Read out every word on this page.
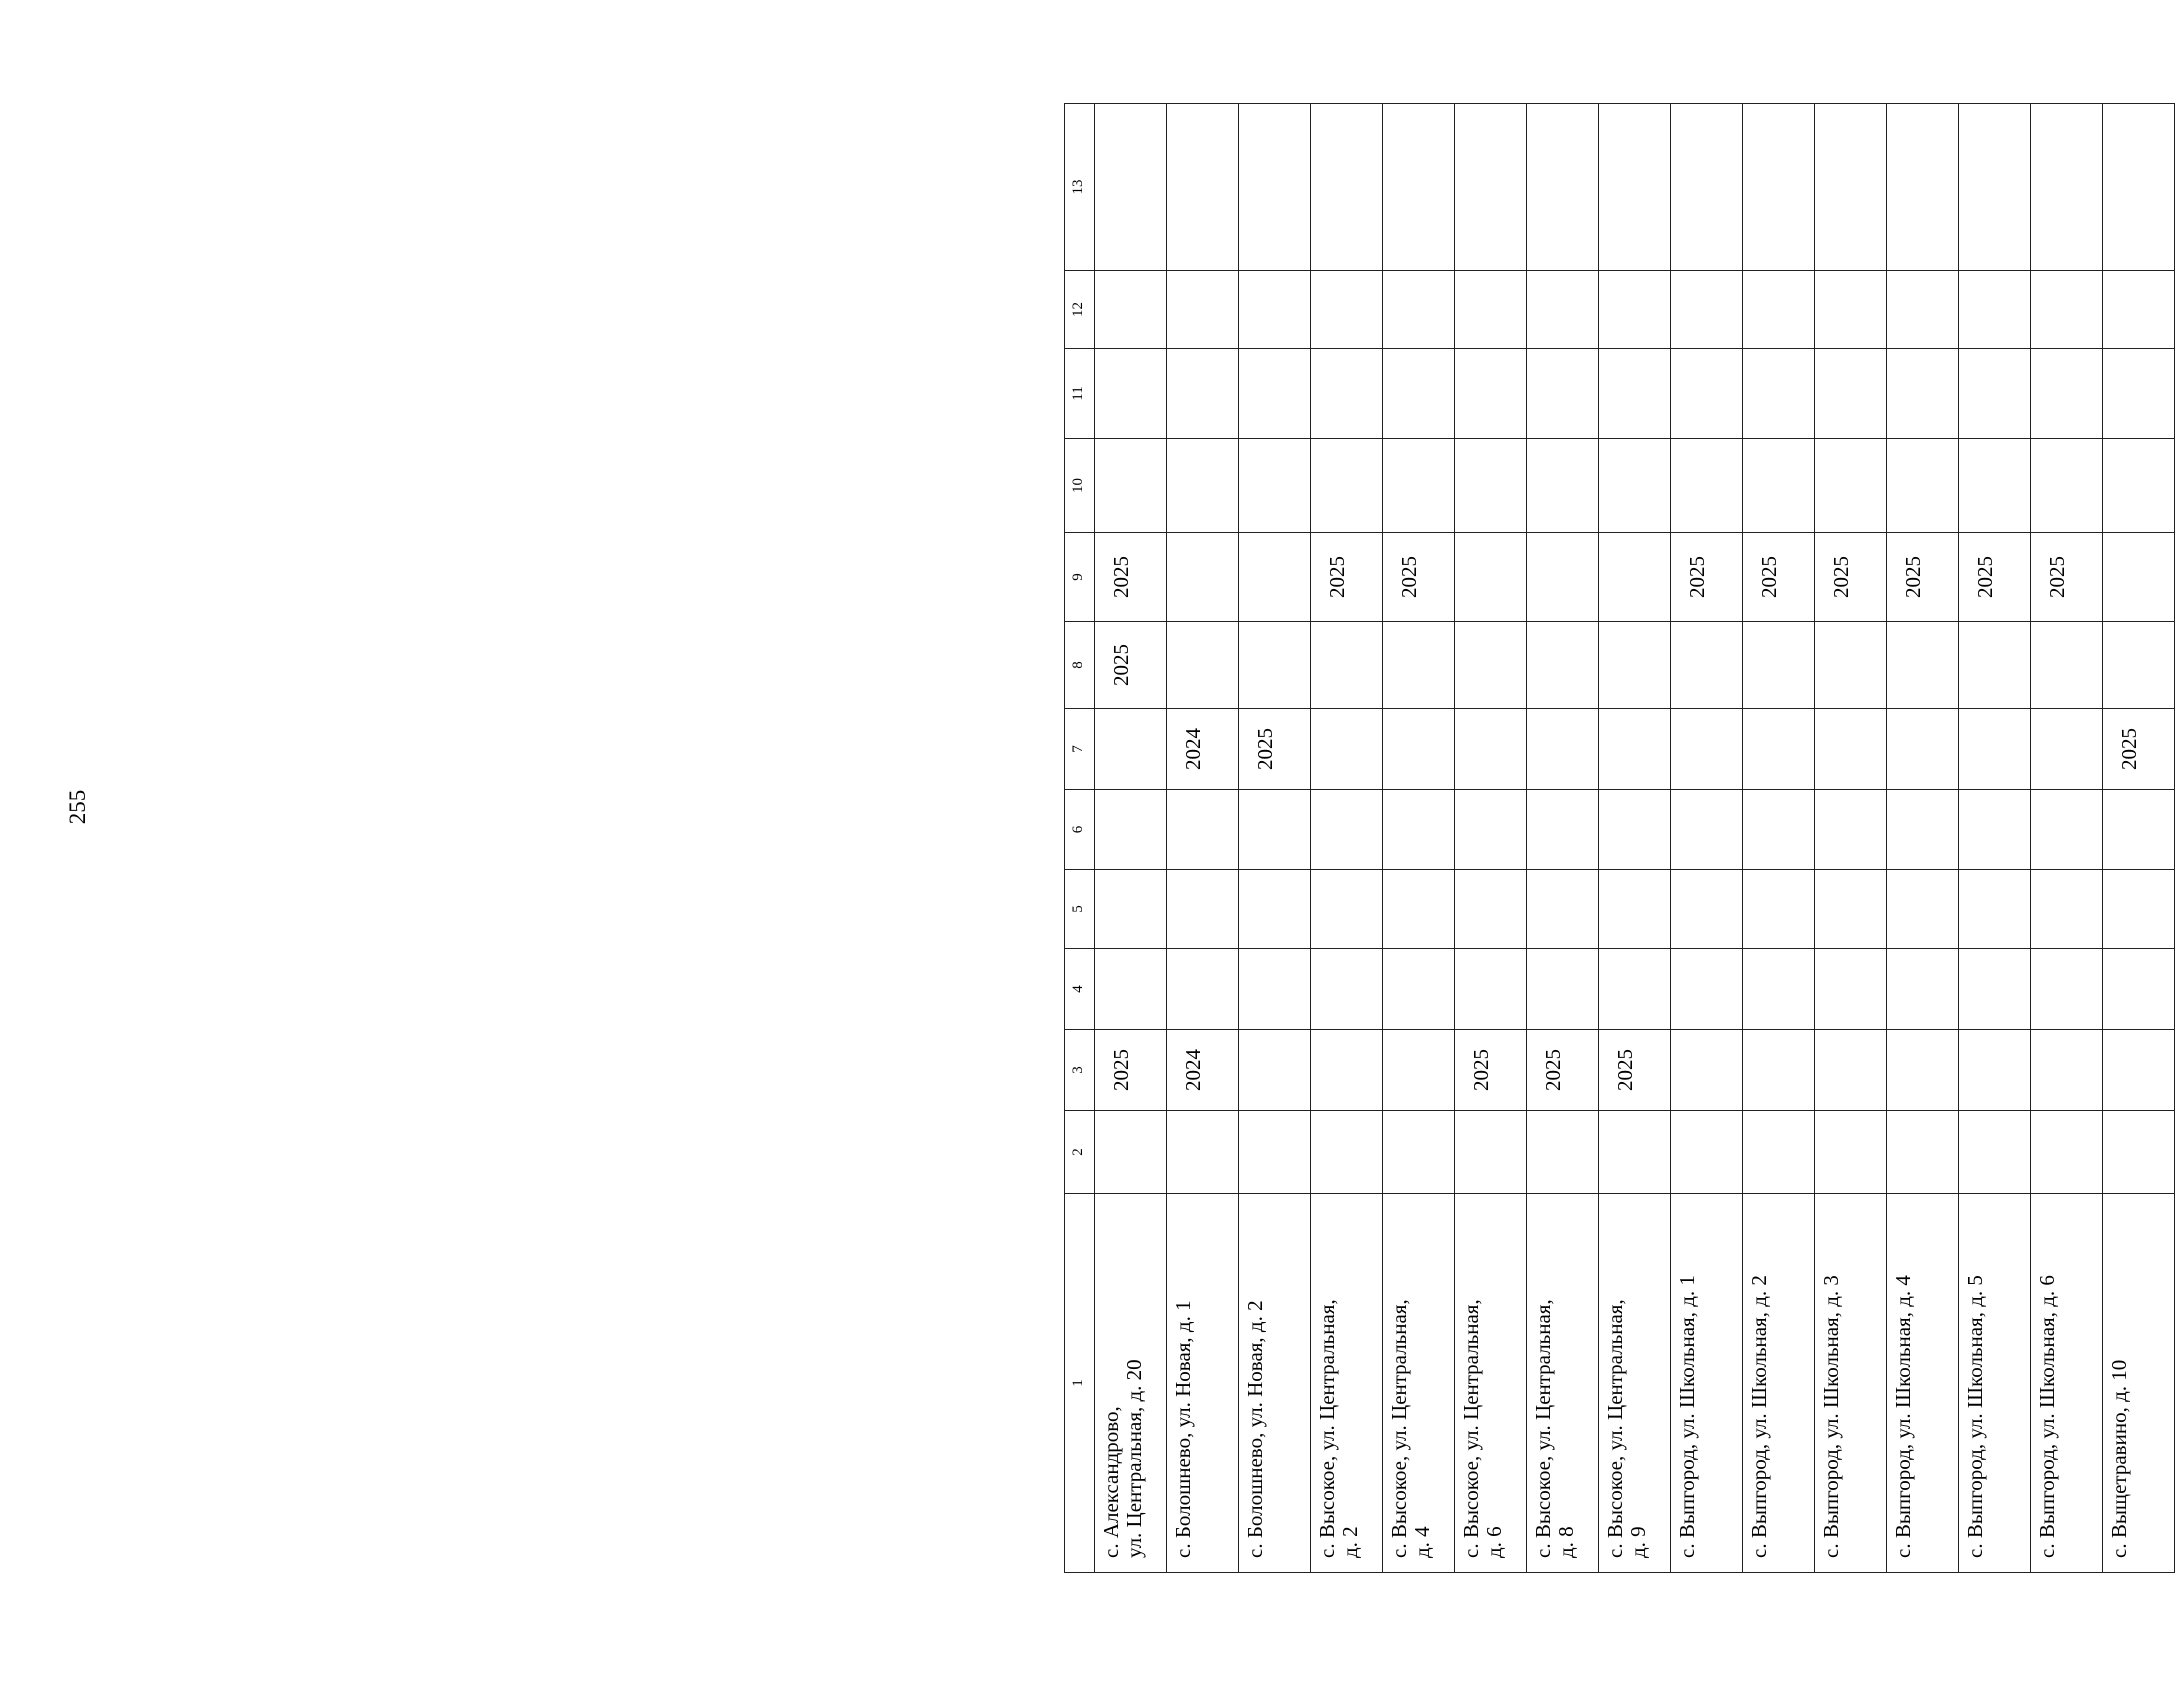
255
1	2	3	4	5	6	7	8	9	10	11	12	13
с. Александрово,
ул. Центральная, д. 20		2025					2025	2025				
с. Болошнево, ул. Новая, д. 1		2024				2024						
с. Болошнево, ул. Новая, д. 2						2025						
с. Высокое, ул. Центральная,
д. 2								2025				
с. Высокое, ул. Центральная,
д. 4								2025				
с. Высокое, ул. Центральная,
д. 6		2025										
с. Высокое, ул. Центральная,
д. 8		2025										
с. Высокое, ул. Центральная,
д. 9		2025										
с. Выпгород, ул. Школьная, д. 1								2025				
с. Выпгород, ул. Школьная, д. 2								2025				
с. Выпгород, ул. Школьная, д. 3								2025				
с. Выпгород, ул. Школьная, д. 4								2025				
с. Выпгород, ул. Школьная, д. 5								2025				
с. Выпгород, ул. Школьная, д. 6								2025				
с. Выщетравино, д. 10						2025						
